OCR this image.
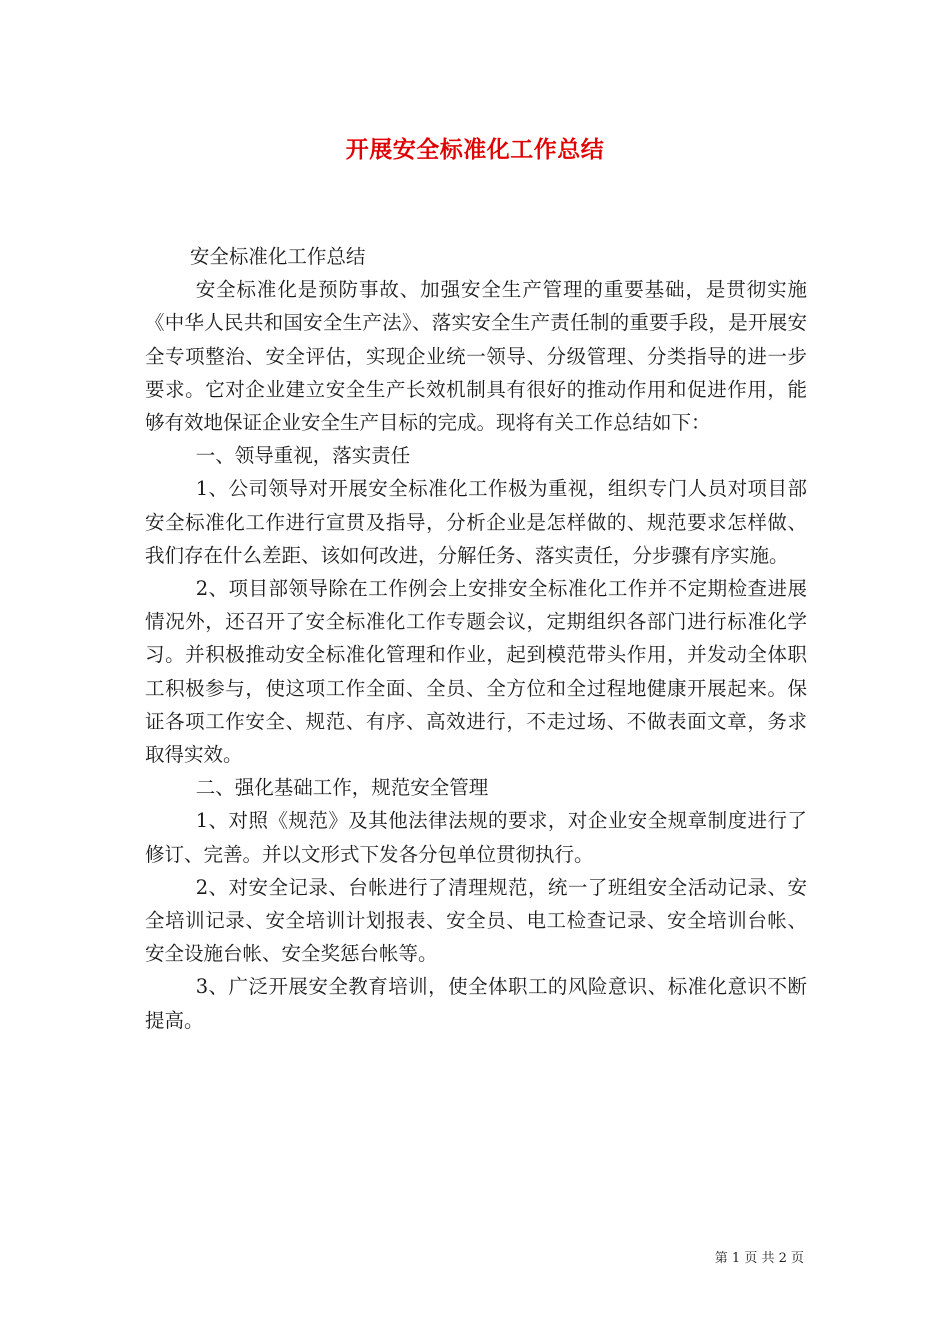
开展安全标准化工作总结

安全标准化工作总结

安全标准化是预防事故、加强安全生产管理的重要基础，是贯彻实施《中华人民共和国安全生产法》、落实安全生产责任制的重要手段，是开展安全专项整治、安全评估，实现企业统一领导、分级管理、分类指导的进一步要求。它对企业建立安全生产长效机制具有很好的推动作用和促进作用，能够有效地保证企业安全生产目标的完成。现将有关工作总结如下：

一、领导重视，落实责任

1、公司领导对开展安全标准化工作极为重视，组织专门人员对项目部安全标准化工作进行宣贯及指导，分析企业是怎样做的、规范要求怎样做、我们存在什么差距、该如何改进，分解任务、落实责任，分步骤有序实施。

2、项目部领导除在工作例会上安排安全标准化工作并不定期检查进展情况外，还召开了安全标准化工作专题会议，定期组织各部门进行标准化学习。并积极推动安全标准化管理和作业，起到模范带头作用，并发动全体职工积极参与，使这项工作全面、全员、全方位和全过程地健康开展起来。保证各项工作安全、规范、有序、高效进行，不走过场、不做表面文章，务求取得实效。

二、强化基础工作，规范安全管理

1、对照《规范》及其他法律法规的要求，对企业安全规章制度进行了修订、完善。并以文形式下发各分包单位贯彻执行。

2、对安全记录、台帐进行了清理规范，统一了班组安全活动记录、安全培训记录、安全培训计划报表、安全员、电工检查记录、安全培训台帐、安全设施台帐、安全奖惩台帐等。

3、广泛开展安全教育培训，使全体职工的风险意识、标准化意识不断提高。

第 1 页 共 2 页
